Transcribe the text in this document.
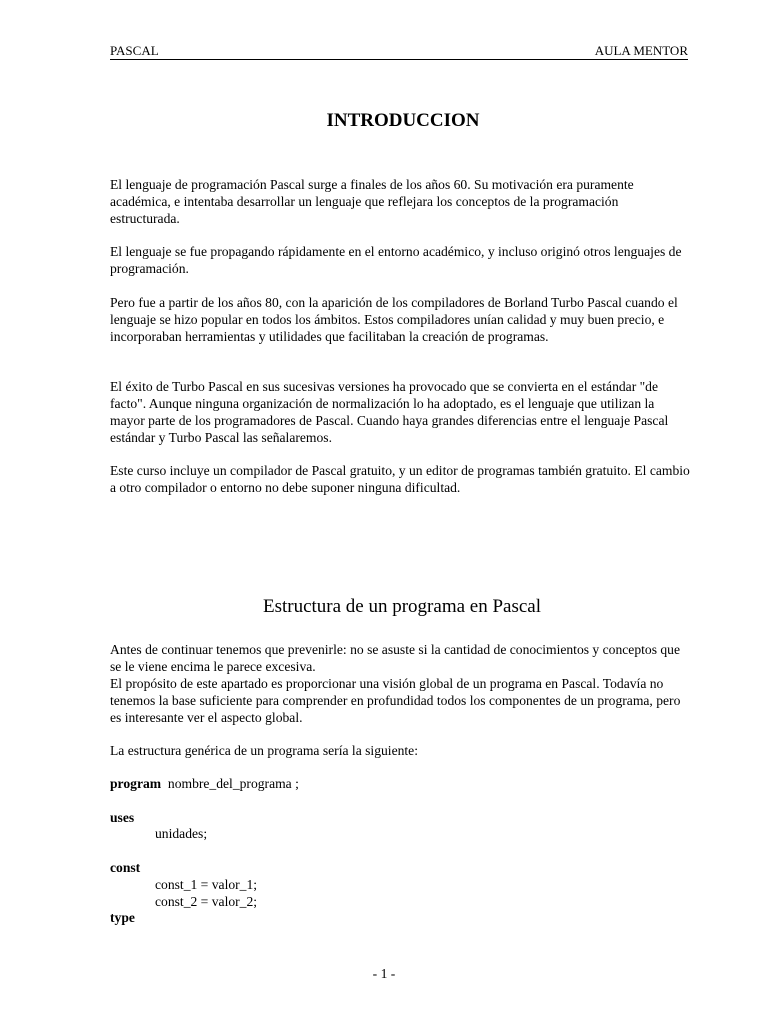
PASCAL	AULA MENTOR
INTRODUCCION

El lenguaje de programación Pascal surge a finales de los años 60. Su motivación era puramente académica, e intentaba desarrollar un lenguaje que reflejara los conceptos de la programación estructurada.

El lenguaje se fue propagando rápidamente en el entorno académico, y incluso originó otros lenguajes de programación.

Pero fue a partir de los años 80, con la aparición de los compiladores de Borland Turbo Pascal cuando el lenguaje se hizo popular en todos los ámbitos. Estos compiladores unían calidad y muy buen precio, e incorporaban herramientas y utilidades que facilitaban la creación de programas.

El éxito de Turbo Pascal en sus sucesivas versiones ha provocado que se convierta en el estándar "de facto". Aunque ninguna organización de normalización lo ha adoptado, es el lenguaje que utilizan la mayor parte de los programadores de Pascal. Cuando haya grandes diferencias entre el lenguaje Pascal estándar y Turbo Pascal las señalaremos.

Este curso incluye un compilador de Pascal gratuito, y un editor de programas también gratuito. El cambio a otro compilador o entorno no debe suponer ninguna dificultad.

Estructura de un programa en Pascal

Antes de continuar tenemos que prevenirle: no se asuste si la cantidad de conocimientos y conceptos que se le viene encima le parece excesiva.

El propósito de este apartado es proporcionar una visión global de un programa en Pascal. Todavía no tenemos la base suficiente para comprender en profundidad todos los componentes de un programa, pero es interesante ver el aspecto global.

La estructura genérica de un programa sería la siguiente:

program nombre_del_programa ;
uses
unidades;
const
const_1 = valor_1;
const_2 = valor_2;
type
- 1 -
